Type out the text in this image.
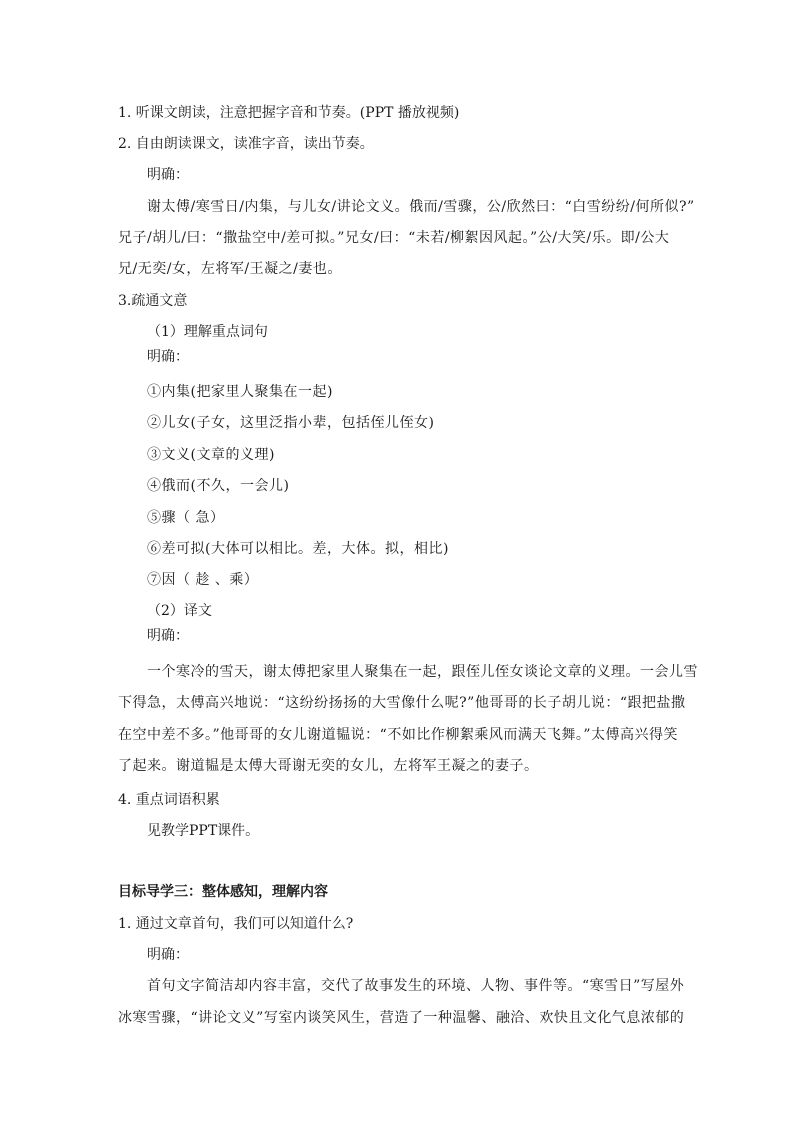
1. 听课文朗读，注意把握字音和节奏。(PPT 播放视频)
2. 自由朗读课文，读准字音，读出节奏。
明确：
谢太傅/寒雪日/内集，与儿女/讲论文义。俄而/雪骤，公/欣然曰：“白雪纷纷/何所似?”
兄子/胡儿/曰：“撒盐空中/差可拟。”兄女/曰：“未若/柳絮因风起。”公/大笑/乐。即/公大
兄/无奕/女，左将军/王凝之/妻也。
3.疏通文意
（1）理解重点词句
明确：
①内集(把家里人聚集在一起)
②儿女(子女，这里泛指小辈，包括侄儿侄女)
③文义(文章的义理)
④俄而(不久，一会儿)
⑤骤（ 急）
⑥差可拟(大体可以相比。差，大体。拟，相比)
⑦因（ 趁 、乘）
（2）译文
明确：
一个寒冷的雪天，谢太傅把家里人聚集在一起，跟侄儿侄女谈论文章的义理。一会儿雪
下得急，太傅高兴地说：“这纷纷扬扬的大雪像什么呢?”他哥哥的长子胡儿说：“跟把盐撒
在空中差不多。”他哥哥的女儿谢道韫说：“不如比作柳絮乘风而满天飞舞。”太傅高兴得笑
了起来。谢道韫是太傅大哥谢无奕的女儿，左将军王凝之的妻子。
4. 重点词语积累
见教学PPT课件。
目标导学三：整体感知，理解内容
1. 通过文章首句，我们可以知道什么?
明确：
首句文字简洁却内容丰富，交代了故事发生的环境、人物、事件等。“寒雪日”写屋外
冰寒雪骤，“讲论文义”写室内谈笑风生，营造了一种温馨、融洽、欢快且文化气息浓郁的
